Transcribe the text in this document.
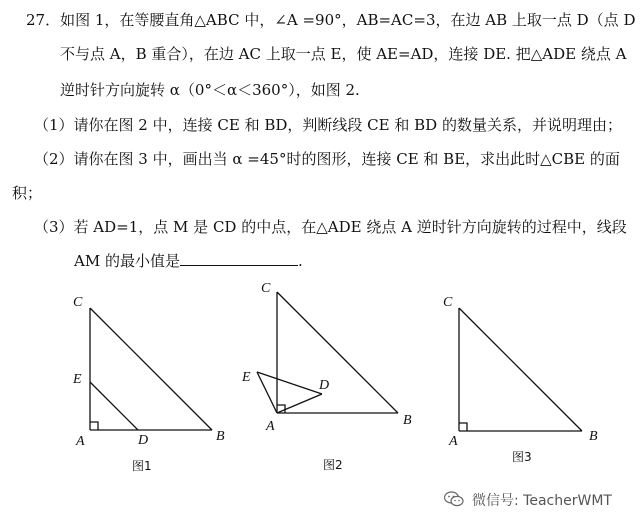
27．如图 1，在等腰直角△ABC 中，∠A =90°，AB=AC=3，在边 AB 上取一点 D（点 D
不与点 A，B 重合），在边 AC 上取一点 E，使 AE=AD，连接 DE. 把△ADE 绕点 A
逆时针方向旋转 α（0°＜α＜360°），如图 2.
（1）请你在图 2 中，连接 CE 和 BD，判断线段 CE 和 BD 的数量关系，并说明理由；
（2）请你在图 3 中，画出当 α =45°时的图形，连接 CE 和 BE，求出此时△CBE 的面
积；
（3）若 AD=1，点 M 是 CD 的中点，在△ADE 绕点 A 逆时针方向旋转的过程中，线段
AM 的最小值是	.
C
E
A	D	B
图1
C
E
D
A	B
图2
C
A	B
图3
微信号: TeacherWMT
